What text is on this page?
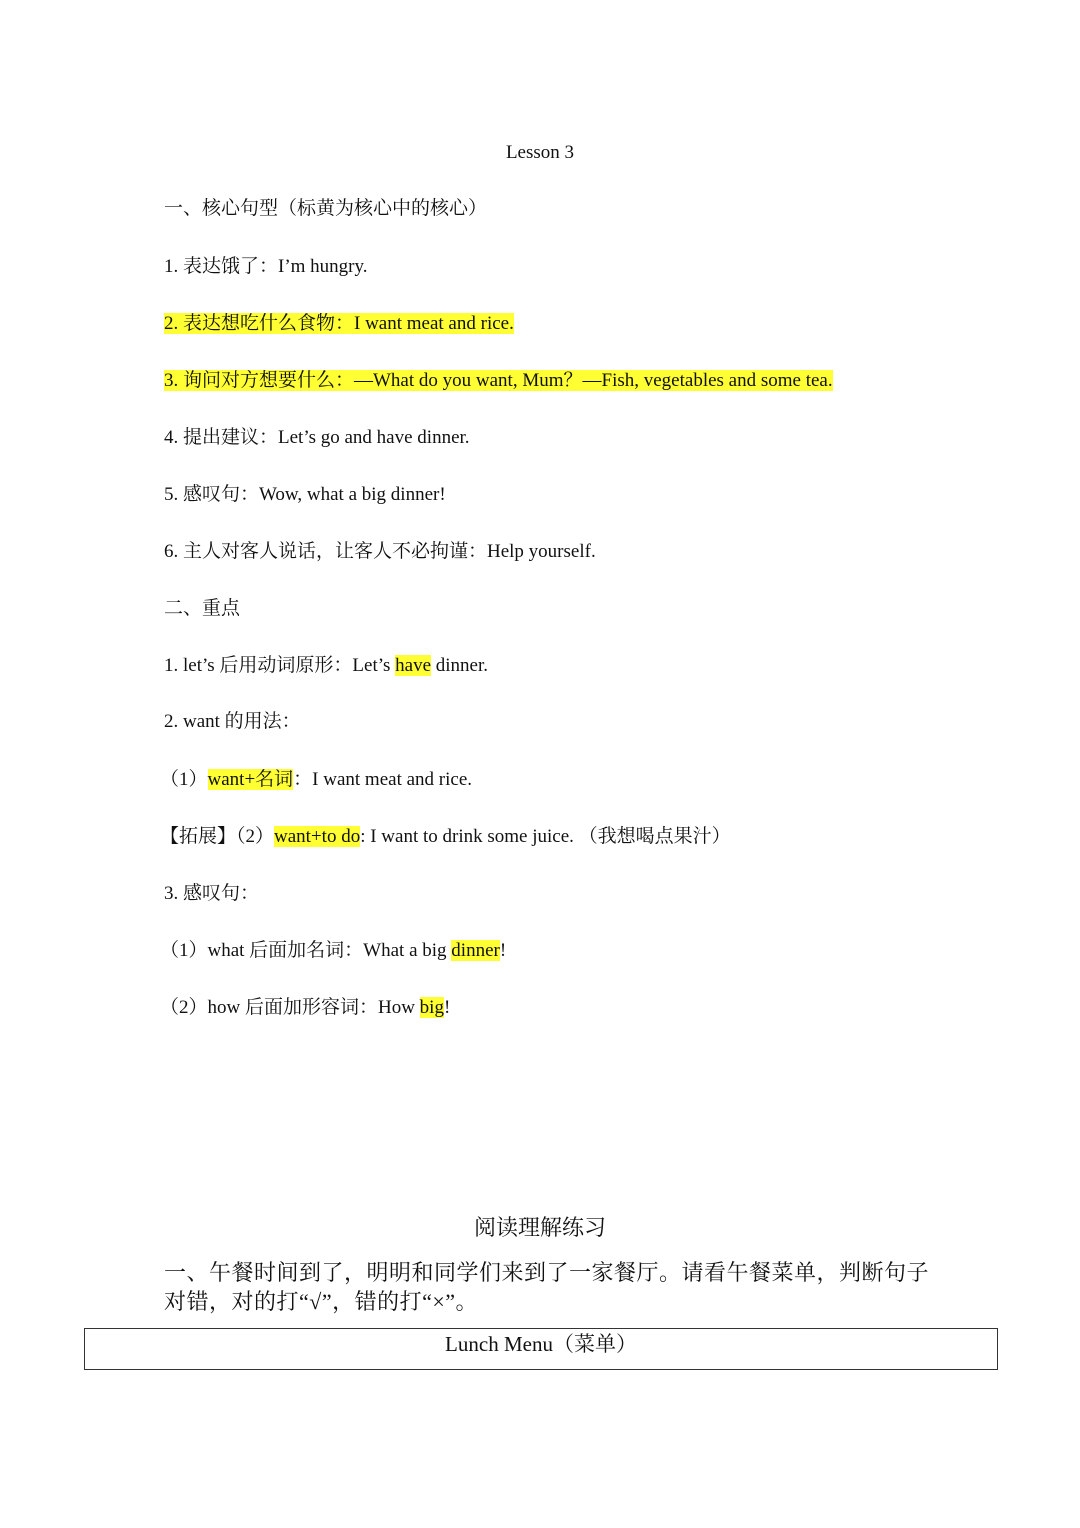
Lesson 3
一、核心句型（标黄为核心中的核心）
1. 表达饿了：I’m hungry.
2. 表达想吃什么食物：I want meat and rice.
3. 询问对方想要什么：—What do you want, Mum？—Fish, vegetables and some tea.
4. 提出建议：Let’s go and have dinner.
5. 感叹句：Wow, what a big dinner!
6. 主人对客人说话，让客人不必拘谨：Help yourself.
二、重点
1. let’s 后用动词原形：Let’s have dinner.
2. want 的用法：
（1）want+名词：I want meat and rice.
【拓展】（2）want+to do: I want to drink some juice. （我想喝点果汁）
3. 感叹句：
（1）what 后面加名词：What a big dinner!
（2）how 后面加形容词：How big!
阅读理解练习
一、午餐时间到了，明明和同学们来到了一家餐厅。请看午餐菜单，判断句子对错，对的打“√”，错的打“×”。
Lunch Menu（菜单）
